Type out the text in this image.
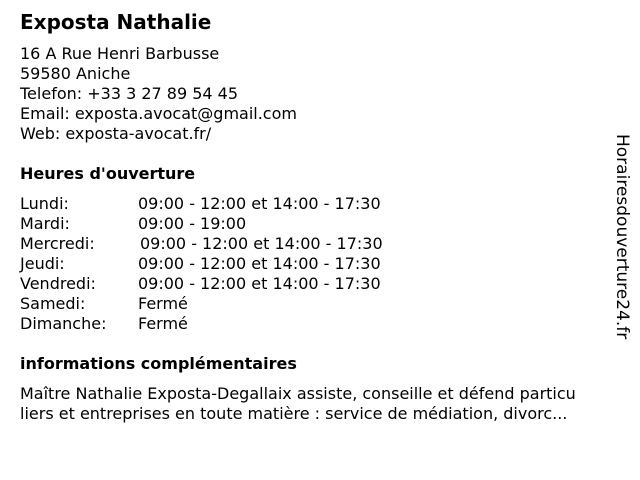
Exposta Nathalie
16 A Rue Henri Barbusse
59580 Aniche
Telefon: +33 3 27 89 54 45
Email: exposta.avocat@gmail.com
Web: exposta-avocat.fr/
Heures d'ouverture
Lundi:	09:00 - 12:00 et 14:00 - 17:30
Mardi:	09:00 - 19:00
Mercredi:	09:00 - 12:00 et 14:00 - 17:30
Jeudi:	09:00 - 12:00 et 14:00 - 17:30
Vendredi:	09:00 - 12:00 et 14:00 - 17:30
Samedi:	Fermé
Dimanche: Fermé
informations complémentaires
Maître Nathalie Exposta-Degallaix assiste, conseille et défend particu
liers et entreprises en toute matière : service de médiation, divorc...
Horairesdouverture24.fr
